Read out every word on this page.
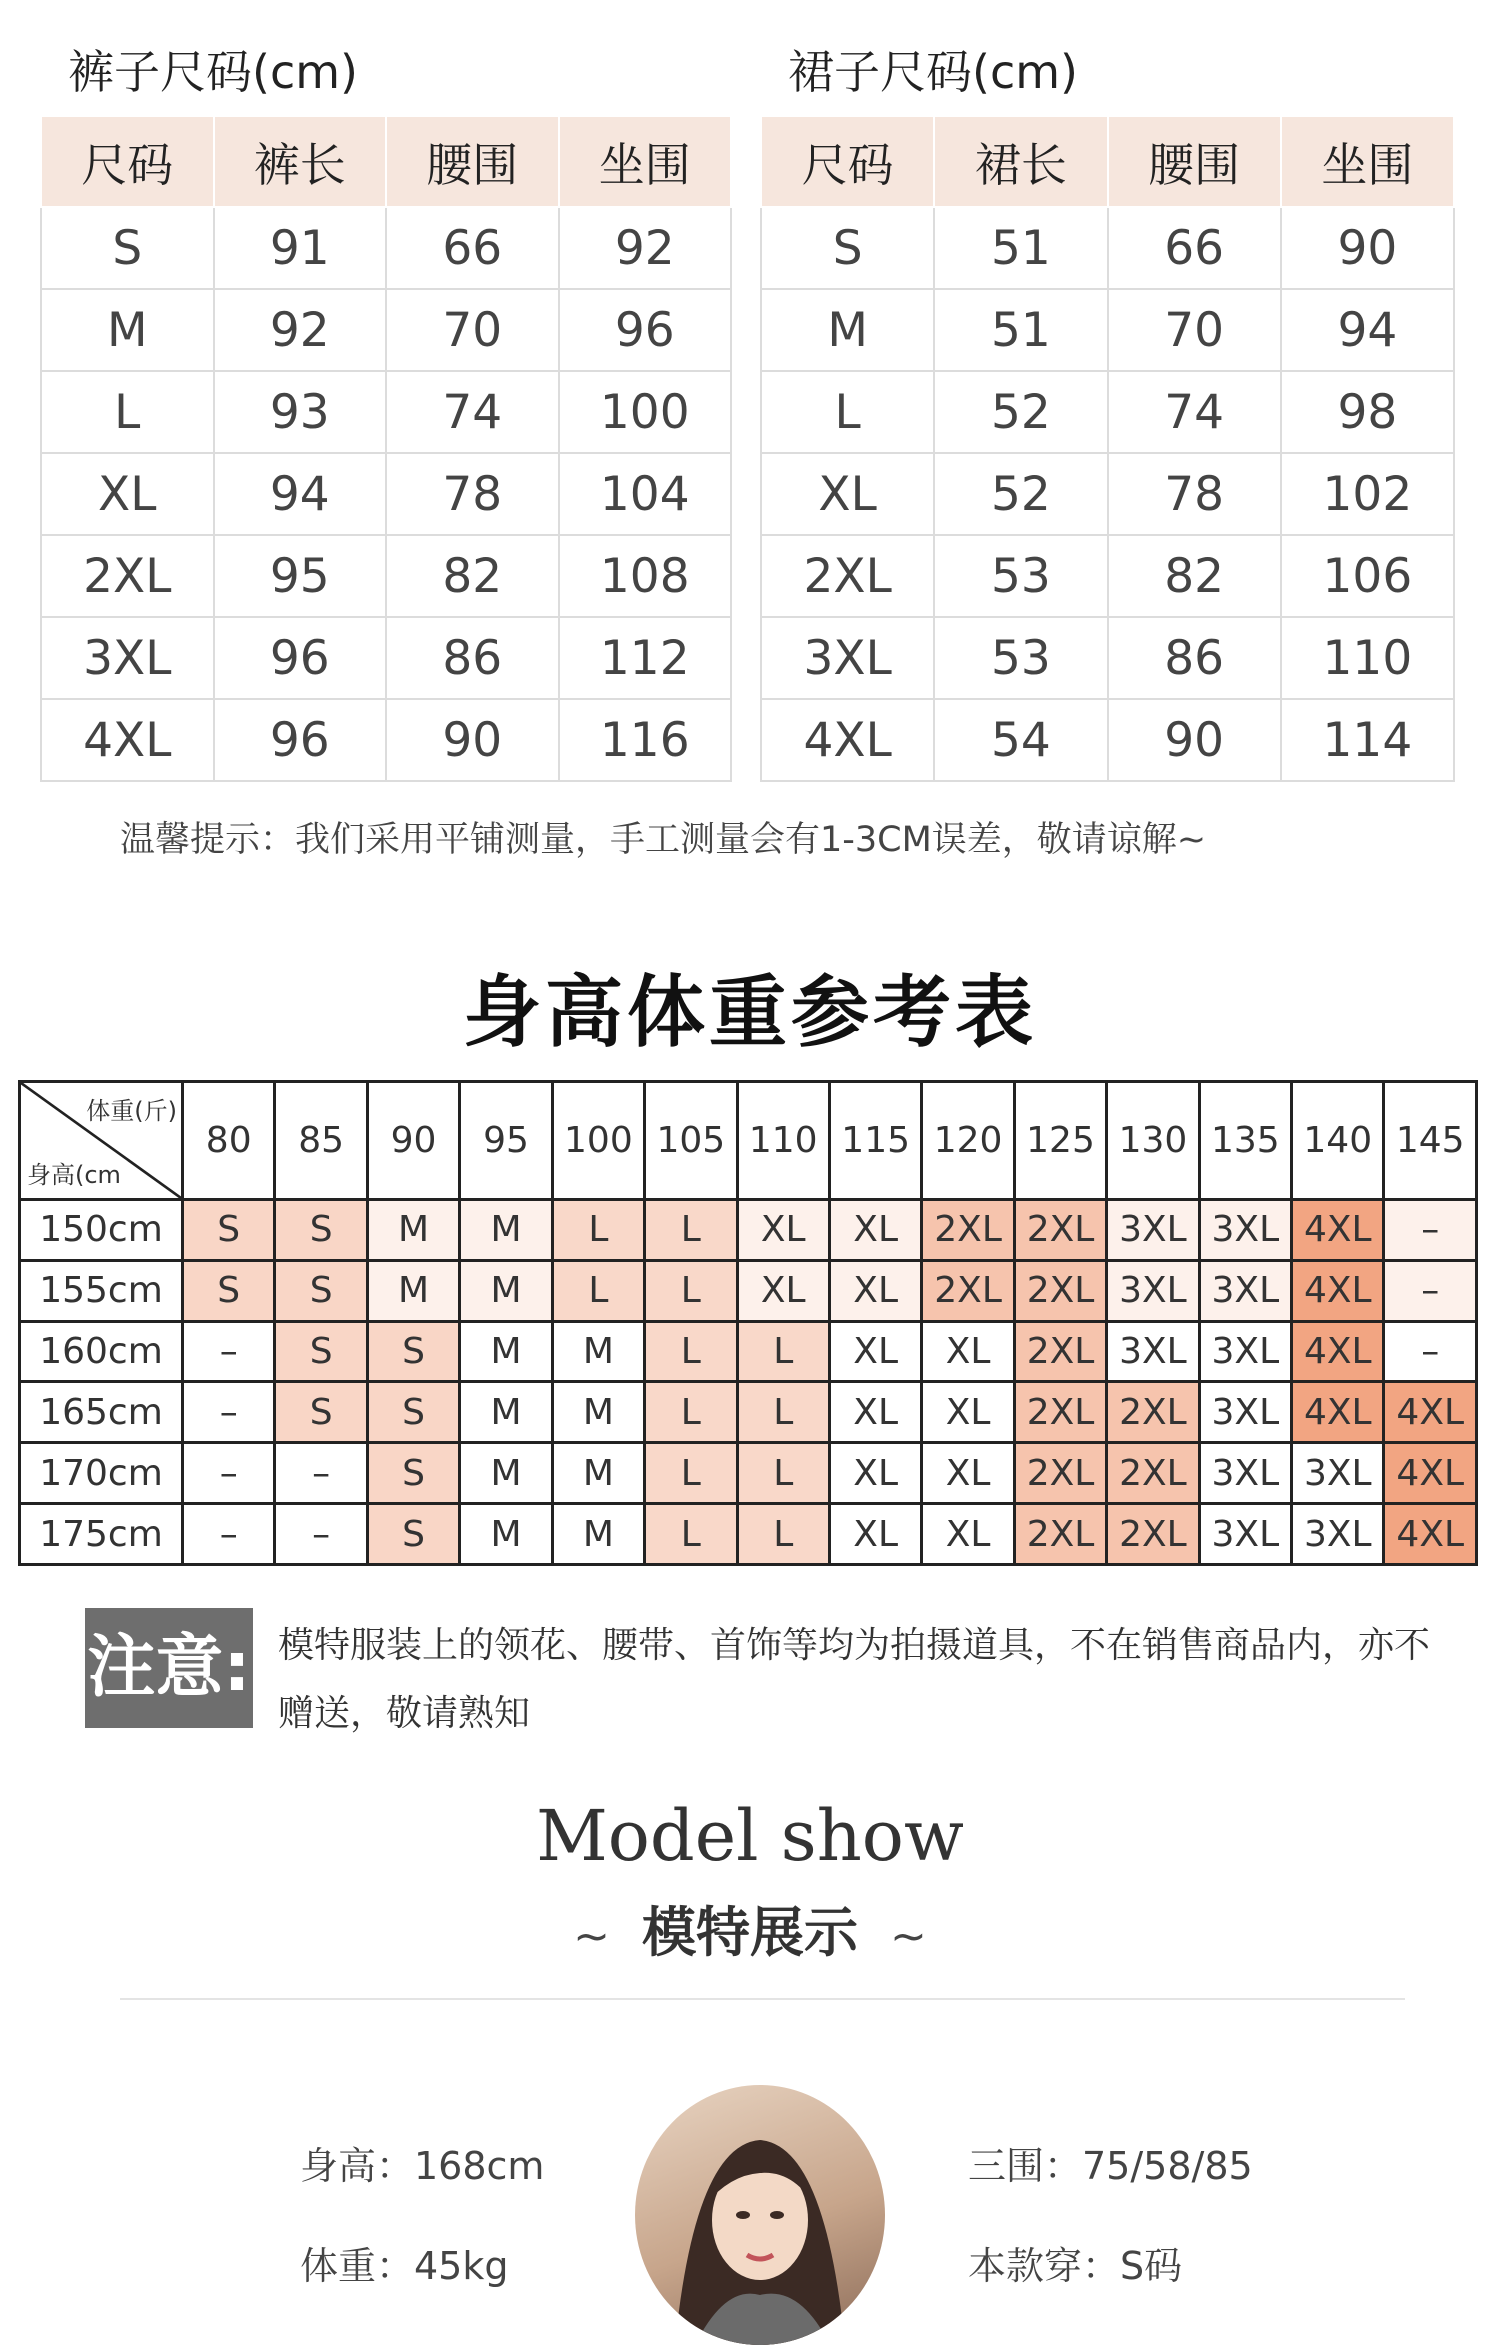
裤子尺码(cm)
尺码	裤长	腰围	坐围
S	91	66	92
M	92	70	96
L	93	74	100
XL	94	78	104
2XL	95	82	108
3XL	96	86	112
4XL	96	90	116
裙子尺码(cm)
尺码	裙长	腰围	坐围
S	51	66	90
M	51	70	94
L	52	74	98
XL	52	78	102
2XL	53	82	106
3XL	53	86	110
4XL	54	90	114
温馨提示：我们采用平铺测量，手工测量会有1-3CM误差，敬请谅解~
身高体重参考表
体重(斤)
身高(cm	80	85	90	95	100	105	110	115	120	125	130	135	140	145
150cm	S	S	M	M	L	L	XL	XL	2XL	2XL	3XL	3XL	4XL	–
155cm	S	S	M	M	L	L	XL	XL	2XL	2XL	3XL	3XL	4XL	–
160cm	–	S	S	M	M	L	L	XL	XL	2XL	3XL	3XL	4XL	–
165cm	–	S	S	M	M	L	L	XL	XL	2XL	2XL	3XL	4XL	4XL
170cm	–	–	S	M	M	L	L	XL	XL	2XL	2XL	3XL	3XL	4XL
175cm	–	–	S	M	M	L	L	XL	XL	2XL	2XL	3XL	3XL	4XL
注意: 模特服装上的领花、腰带、首饰等均为拍摄道具，不在销售商品内，亦不赠送，敬请熟知
Model show
~ 模特展示 ~
身高：168cm
体重：45kg
三围：75/58/85
本款穿：S码
